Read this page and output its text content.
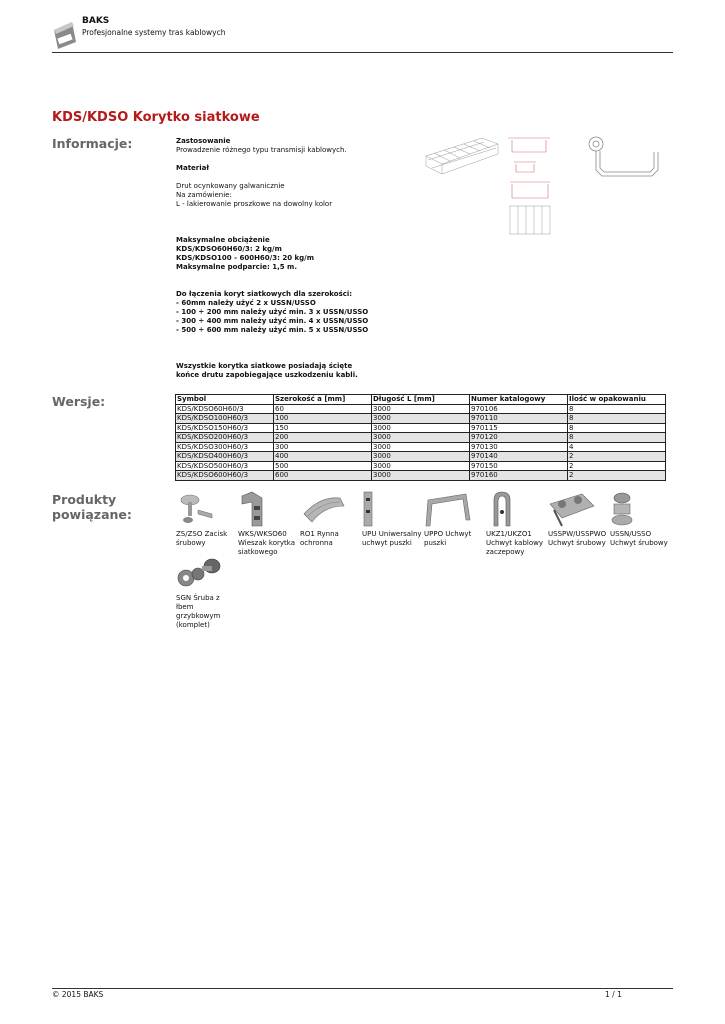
BAKS
Profesjonalne systemy tras kablowych
KDS/KDSO Korytko siatkowe
Informacje:
Wersje:
Produkty
powiązane:
Zastosowanie
Prowadzenie różnego typu transmisji kablowych.
Materiał
Drut ocynkowany galwanicznie
Na zamówienie:
L - lakierowanie proszkowe na dowolny kolor
Maksymalne obciążenie
KDS/KDSO60H60/3: 2 kg/m
KDS/KDSO100 - 600H60/3: 20 kg/m
Maksymalne podparcie: 1,5 m.
Do łączenia koryt siatkowych dla szerokości:
- 60mm należy użyć 2 x USSN/USSO
- 100 ÷ 200 mm należy użyć min. 3 x USSN/USSO
- 300 ÷ 400 mm należy użyć min. 4 x USSN/USSO
- 500 ÷ 600 mm należy użyć min. 5 x USSN/USSO
Wszystkie korytka siatkowe posiadają ścięte
końce drutu zapobiegające uszkodzeniu kabli.
Symbol	Szerokość a [mm]	Długość L [mm]	Numer katalogowy	Ilość w opakowaniu
KDS/KDSO60H60/3	60	3000	970106	8
KDS/KDSO100H60/3	100	3000	970110	8
KDS/KDSO150H60/3	150	3000	970115	8
KDS/KDSO200H60/3	200	3000	970120	8
KDS/KDSO300H60/3	300	3000	970130	4
KDS/KDSO400H60/3	400	3000	970140	2
KDS/KDSO500H60/3	500	3000	970150	2
KDS/KDSO600H60/3	600	3000	970160	2
ZS/ZSO Zacisk śrubowy
WKS/WKSO60 Wieszak korytka siatkowego
RO1 Rynna ochronna
UPU Uniwersalny uchwyt puszki
UPPO Uchwyt puszki
UKZ1/UKZO1 Uchwyt kablowy zaczepowy
USSPW/USSPWO Uchwyt śrubowy
USSN/USSO Uchwyt śrubowy
SGN Śruba z łbem grzybkowym (komplet)
© 2015 BAKS	1 / 1
